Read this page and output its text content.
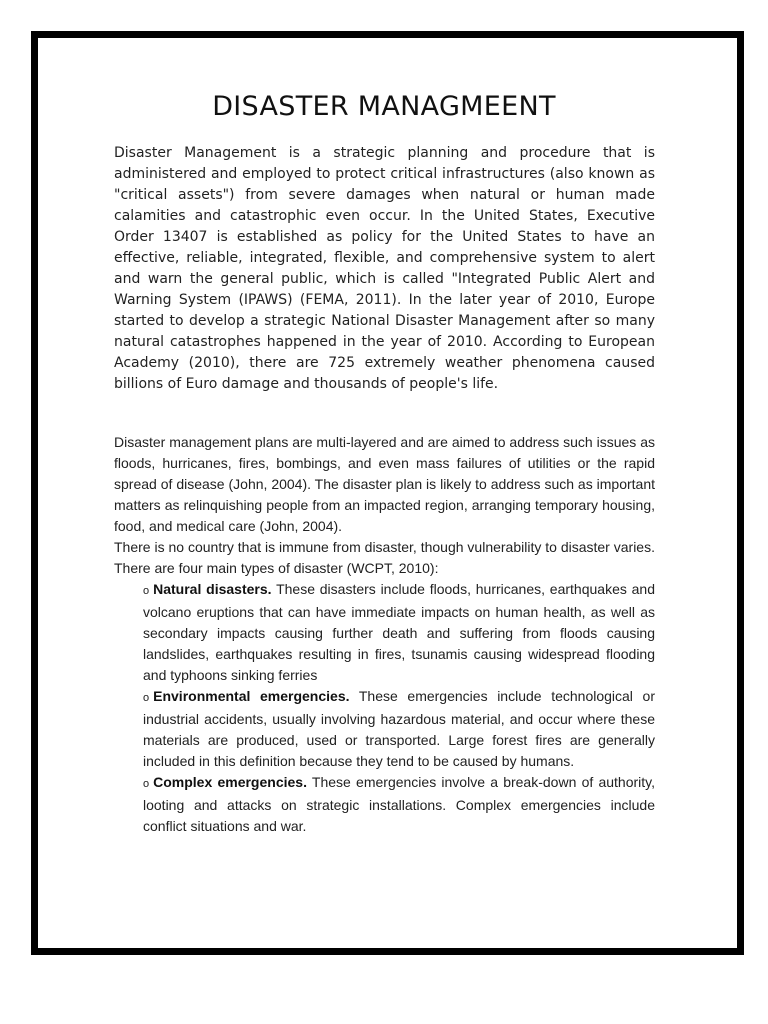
DISASTER MANAGMEENT

Disaster Management is a strategic planning and procedure that is administered and employed to protect critical infrastructures (also known as "critical assets") from severe damages when natural or human made calamities and catastrophic even occur. In the United States, Executive Order 13407 is established as policy for the United States to have an effective, reliable, integrated, flexible, and comprehensive system to alert and warn the general public, which is called "Integrated Public Alert and Warning System (IPAWS) (FEMA, 2011). In the later year of 2010, Europe started to develop a strategic National Disaster Management after so many natural catastrophes happened in the year of 2010. According to European Academy (2010), there are 725 extremely weather phenomena caused billions of Euro damage and thousands of people's life.

Disaster management plans are multi-layered and are aimed to address such issues as floods, hurricanes, fires, bombings, and even mass failures of utilities or the rapid spread of disease (John, 2004). The disaster plan is likely to address such as important matters as relinquishing people from an impacted region, arranging temporary housing, food, and medical care (John, 2004).

There is no country that is immune from disaster, though vulnerability to disaster varies. There are four main types of disaster (WCPT, 2010):

o Natural disasters. These disasters include floods, hurricanes, earthquakes and volcano eruptions that can have immediate impacts on human health, as well as secondary impacts causing further death and suffering from floods causing landslides, earthquakes resulting in fires, tsunamis causing widespread flooding and typhoons sinking ferries
o Environmental emergencies. These emergencies include technological or industrial accidents, usually involving hazardous material, and occur where these materials are produced, used or transported. Large forest fires are generally included in this definition because they tend to be caused by humans.
o Complex emergencies. These emergencies involve a break-down of authority, looting and attacks on strategic installations. Complex emergencies include conflict situations and war.
